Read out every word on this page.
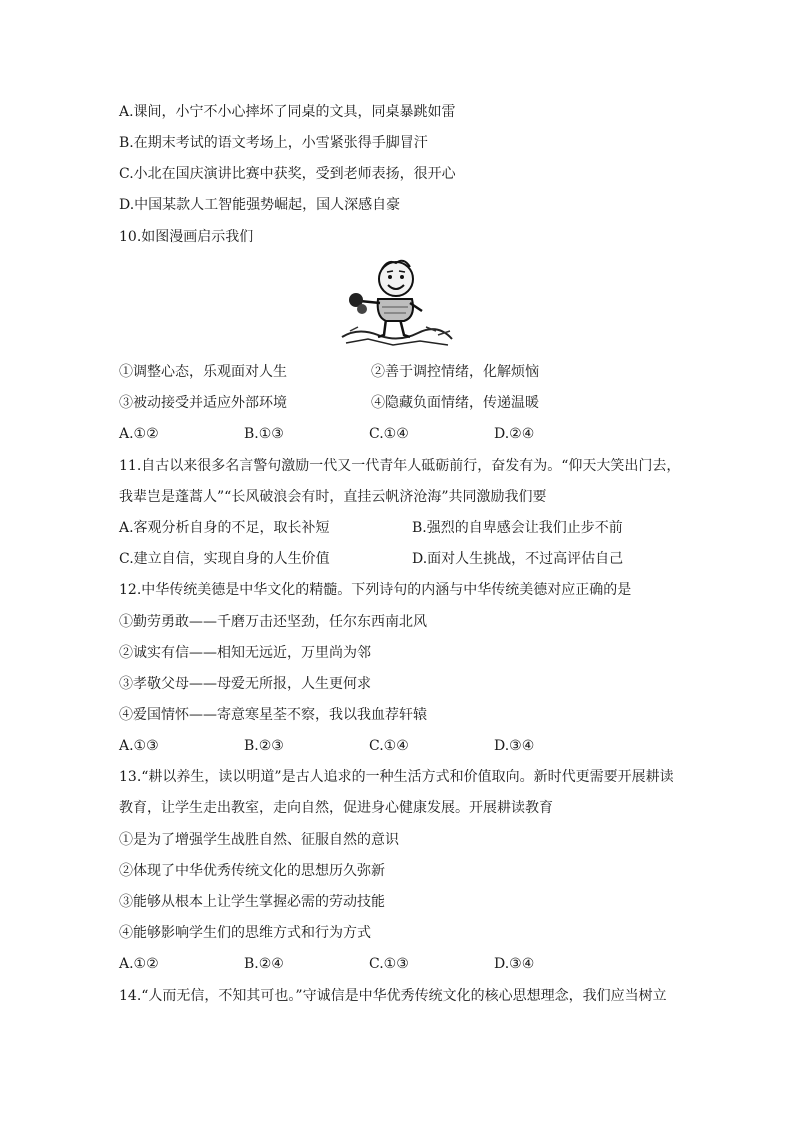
A.课间，小宁不小心摔坏了同桌的文具，同桌暴跳如雷
B.在期末考试的语文考场上，小雪紧张得手脚冒汗
C.小北在国庆演讲比赛中获奖，受到老师表扬，很开心
D.中国某款人工智能强势崛起，国人深感自豪
10.如图漫画启示我们
①调整心态，乐观面对人生	②善于调控情绪，化解烦恼
③被动接受并适应外部环境	④隐藏负面情绪，传递温暖
A.①②	B.①③	C.①④	D.②④
11.自古以来很多名言警句激励一代又一代青年人砥砺前行，奋发有为。“仰天大笑出门去，
我辈岂是蓬蒿人”“长风破浪会有时，直挂云帆济沧海”共同激励我们要
A.客观分析自身的不足，取长补短	B.强烈的自卑感会让我们止步不前
C.建立自信，实现自身的人生价值	D.面对人生挑战，不过高评估自己
12.中华传统美德是中华文化的精髓。下列诗句的内涵与中华传统美德对应正确的是
①勤劳勇敢——千磨万击还坚劲，任尔东西南北风
②诚实有信——相知无远近，万里尚为邻
③孝敬父母——母爱无所报，人生更何求
④爱国情怀——寄意寒星荃不察，我以我血荐轩辕
A.①③	B.②③	C.①④	D.③④
13.“耕以养生，读以明道”是古人追求的一种生活方式和价值取向。新时代更需要开展耕读
教育，让学生走出教室，走向自然，促进身心健康发展。开展耕读教育
①是为了增强学生战胜自然、征服自然的意识
②体现了中华优秀传统文化的思想历久弥新
③能够从根本上让学生掌握必需的劳动技能
④能够影响学生们的思维方式和行为方式
A.①②	B.②④	C.①③	D.③④
14.“人而无信，不知其可也。”守诚信是中华优秀传统文化的核心思想理念，我们应当树立
